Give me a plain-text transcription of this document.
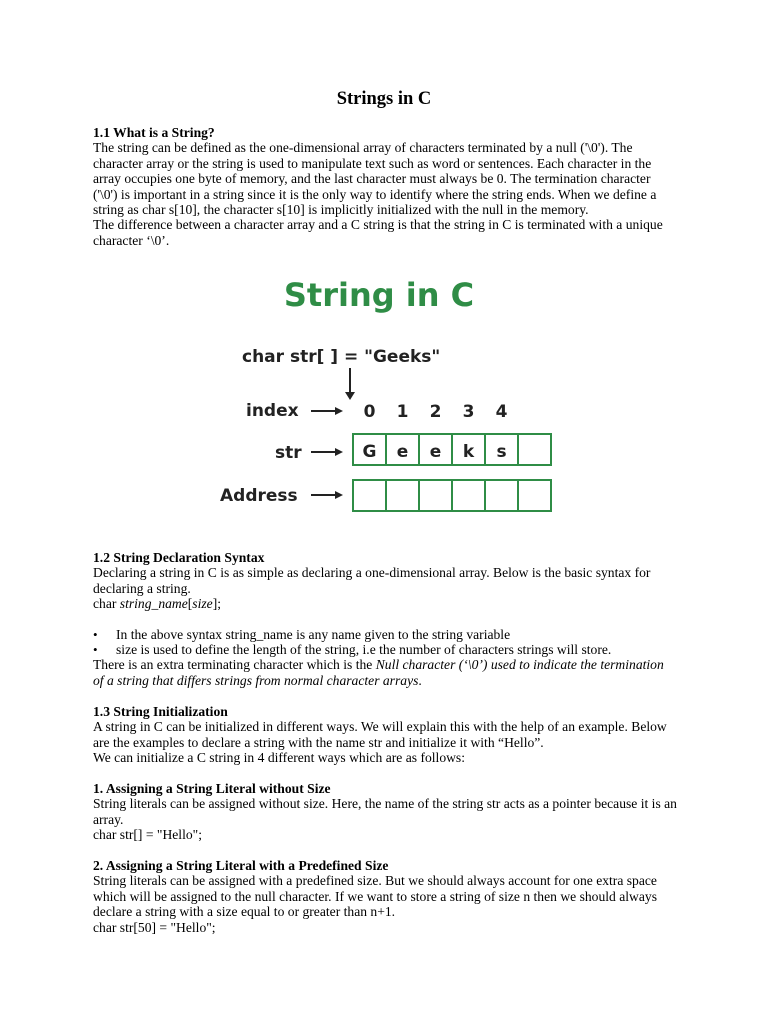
Strings in C

1.1 What is a String?

The string can be defined as the one-dimensional array of characters terminated by a null ('\0'). The character array or the string is used to manipulate text such as word or sentences. Each character in the array occupies one byte of memory, and the last character must always be 0. The termination character ('\0') is important in a string since it is the only way to identify where the string ends. When we define a string as char s[10], the character s[10] is implicitly initialized with the null in the memory.

The difference between a character array and a C string is that the string in C is terminated with a unique character ‘\0’.

1.2 String Declaration Syntax

Declaring a string in C is as simple as declaring a one-dimensional array. Below is the basic syntax for declaring a string.

char string_name[size];

• In the above syntax string_name is any name given to the string variable
• size is used to define the length of the string, i.e the number of characters strings will store.

There is an extra terminating character which is the Null character (‘\0’) used to indicate the termination of a string that differs strings from normal character arrays.

1.3 String Initialization

A string in C can be initialized in different ways. We will explain this with the help of an example. Below are the examples to declare a string with the name str and initialize it with “Hello”.

We can initialize a C string in 4 different ways which are as follows:

1. Assigning a String Literal without Size

String literals can be assigned without size. Here, the name of the string str acts as a pointer because it is an array.

char str[] = "Hello";

2. Assigning a String Literal with a Predefined Size

String literals can be assigned with a predefined size. But we should always account for one extra space which will be assigned to the null character. If we want to store a string of size n then we should always declare a string with a size equal to or greater than n+1.

char str[50] = "Hello";

String in C
char str[ ] = "Geeks"
index	0 1 2 3 4
str	G e e k s
Address
